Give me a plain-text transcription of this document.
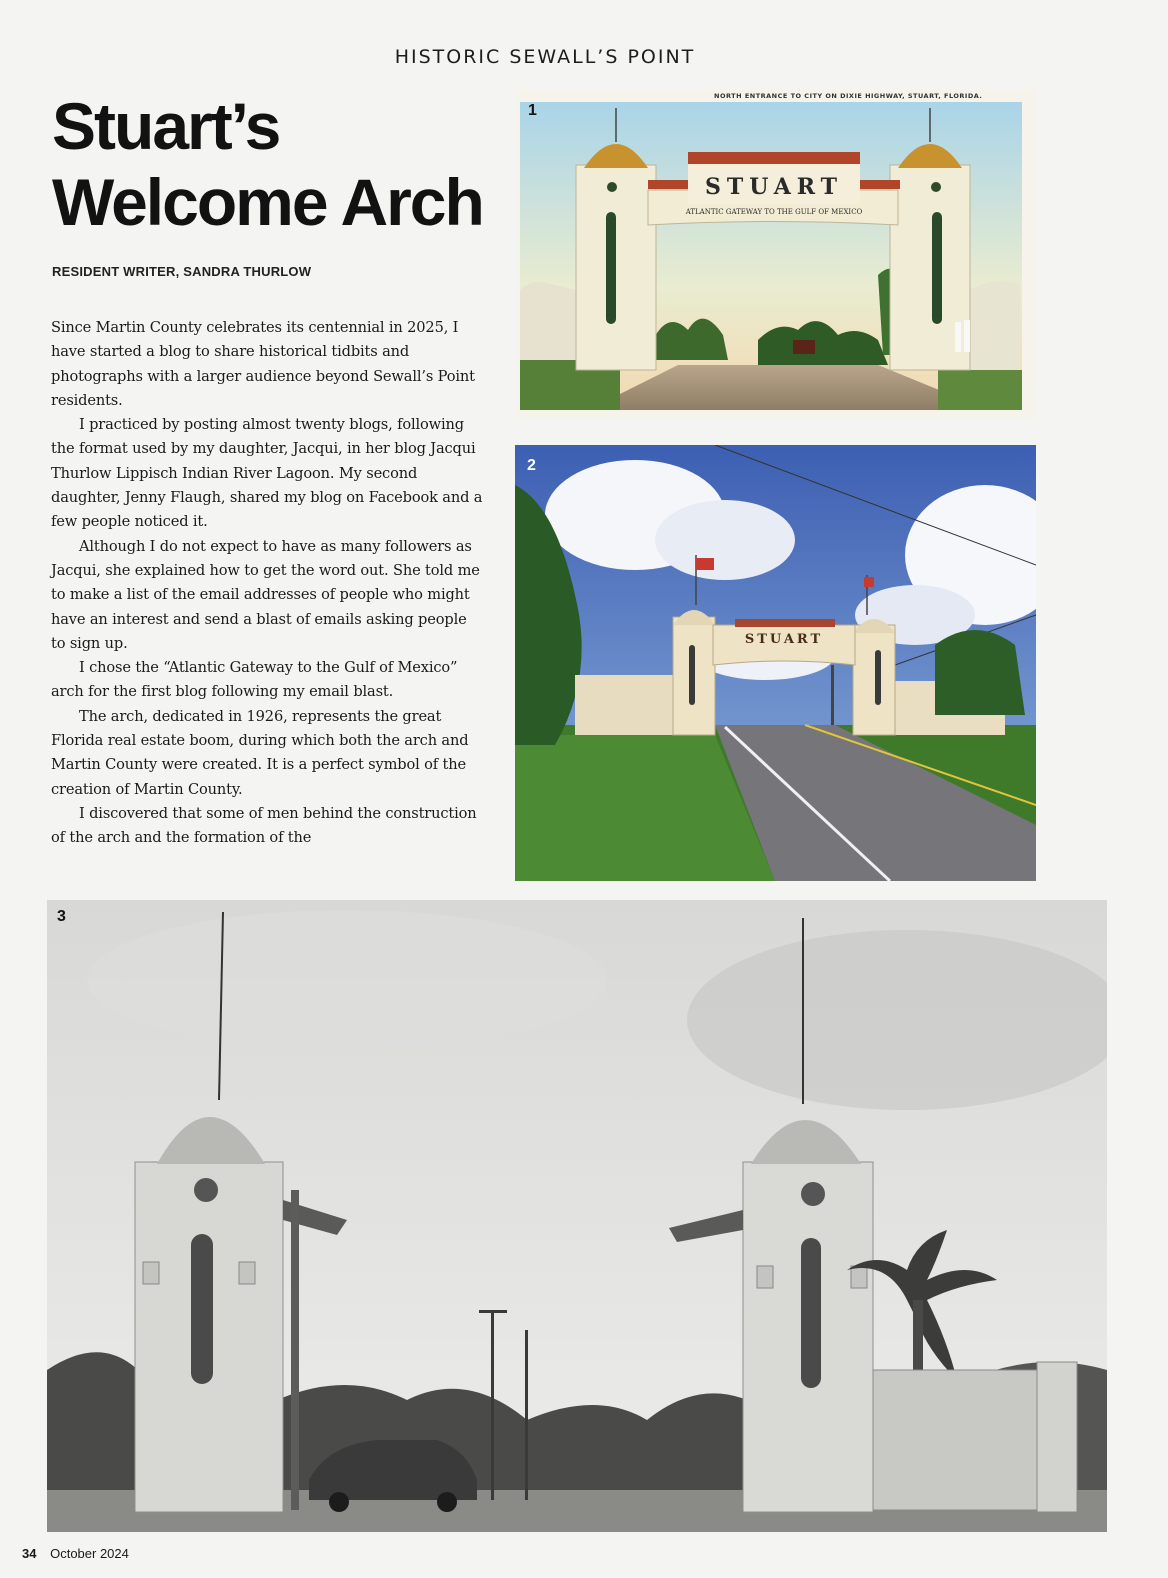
HISTORIC SEWALL’S POINT
Stuart’s
Welcome Arch
RESIDENT WRITER, SANDRA THURLOW

Since Martin County celebrates its centennial in 2025, I have started a blog to share historical tidbits and photographs with a larger audience beyond Sewall’s Point residents.

I practiced by posting almost twenty blogs, following the format used by my daughter, Jacqui, in her blog Jacqui Thurlow Lippisch Indian River Lagoon. My second daughter, Jenny Flaugh, shared my blog on Facebook and a few people noticed it.

Although I do not expect to have as many followers as Jacqui, she explained how to get the word out. She told me to make a list of the email addresses of people who might have an interest and send a blast of emails asking people to sign up.

I chose the “Atlantic Gateway to the Gulf of Mexico” arch for the first blog following my email blast.

The arch, dedicated in 1926, represents the great Florida real estate boom, during which both the arch and Martin County were created. It is a perfect symbol of the creation of Martin County.

I discovered that some of men behind the construction of the arch and the formation of the

NORTH ENTRANCE TO CITY ON DIXIE HIGHWAY, STUART, FLORIDA.
1
STUART
ATLANTIC GATEWAY TO THE GULF OF MEXICO
2
STUART
3
34 October 2024
